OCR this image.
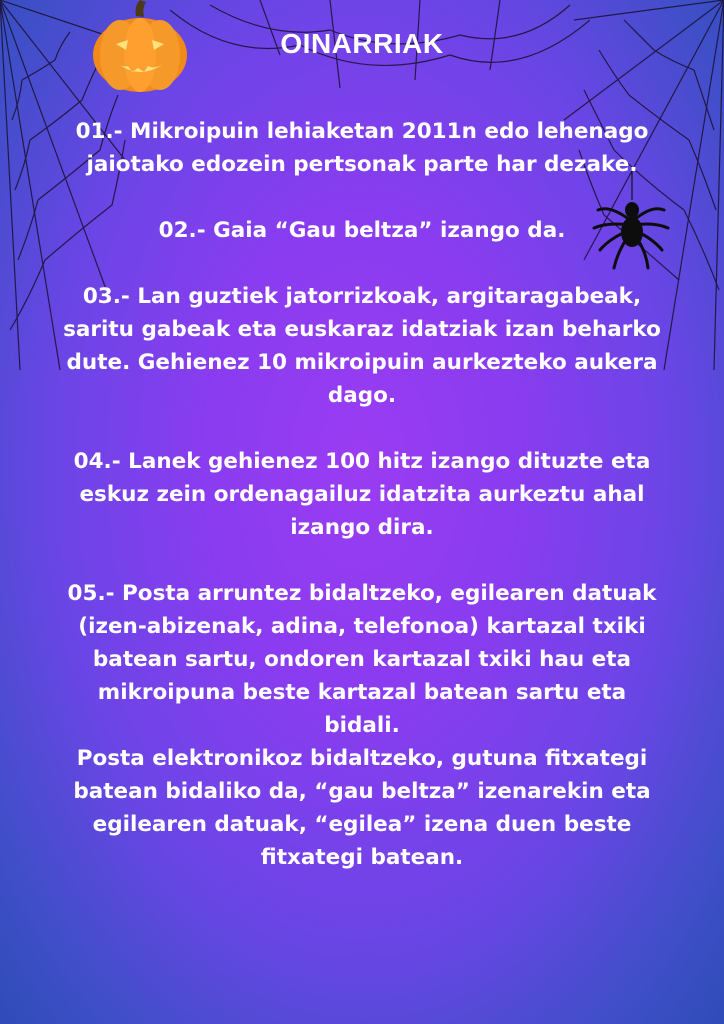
OINARRIAK
01.- Mikroipuin lehiaketan 2011n edo lehenago
jaiotako edozein pertsonak parte har dezake.
02.- Gaia “Gau beltza” izango da.
03.- Lan guztiek jatorrizkoak, argitaragabeak,
saritu gabeak eta euskaraz idatziak izan beharko
dute. Gehienez 10 mikroipuin aurkezteko aukera
dago.
04.- Lanek gehienez 100 hitz izango dituzte eta
eskuz zein ordenagailuz idatzita aurkeztu ahal
izango dira.
05.- Posta arruntez bidaltzeko, egilearen datuak
(izen-abizenak, adina, telefonoa) kartazal txiki
batean sartu, ondoren kartazal txiki hau eta
mikroipuna beste kartazal batean sartu eta
bidali.
Posta elektronikoz bidaltzeko, gutuna fitxategi
batean bidaliko da, “gau beltza” izenarekin eta
egilearen datuak, “egilea” izena duen beste
fitxategi batean.
